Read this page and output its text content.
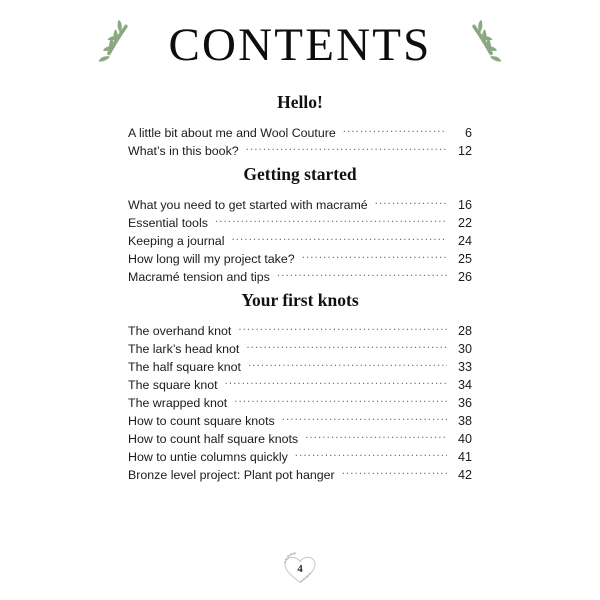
CONTENTS
Hello!
A little bit about me and Wool Couture .....	6
What’s in this book? .....	12
Getting started
What you need to get started with macramé .....	16
Essential tools .....	22
Keeping a journal .....	24
How long will my project take? .....	25
Macramé tension and tips .....	26
Your first knots
The overhand knot .....	28
The lark’s head knot .....	30
The half square knot .....	33
The square knot .....	34
The wrapped knot .....	36
How to count square knots .....	38
How to count half square knots .....	40
How to untie columns quickly .....	41
Bronze level project: Plant pot hanger .....	42
4
